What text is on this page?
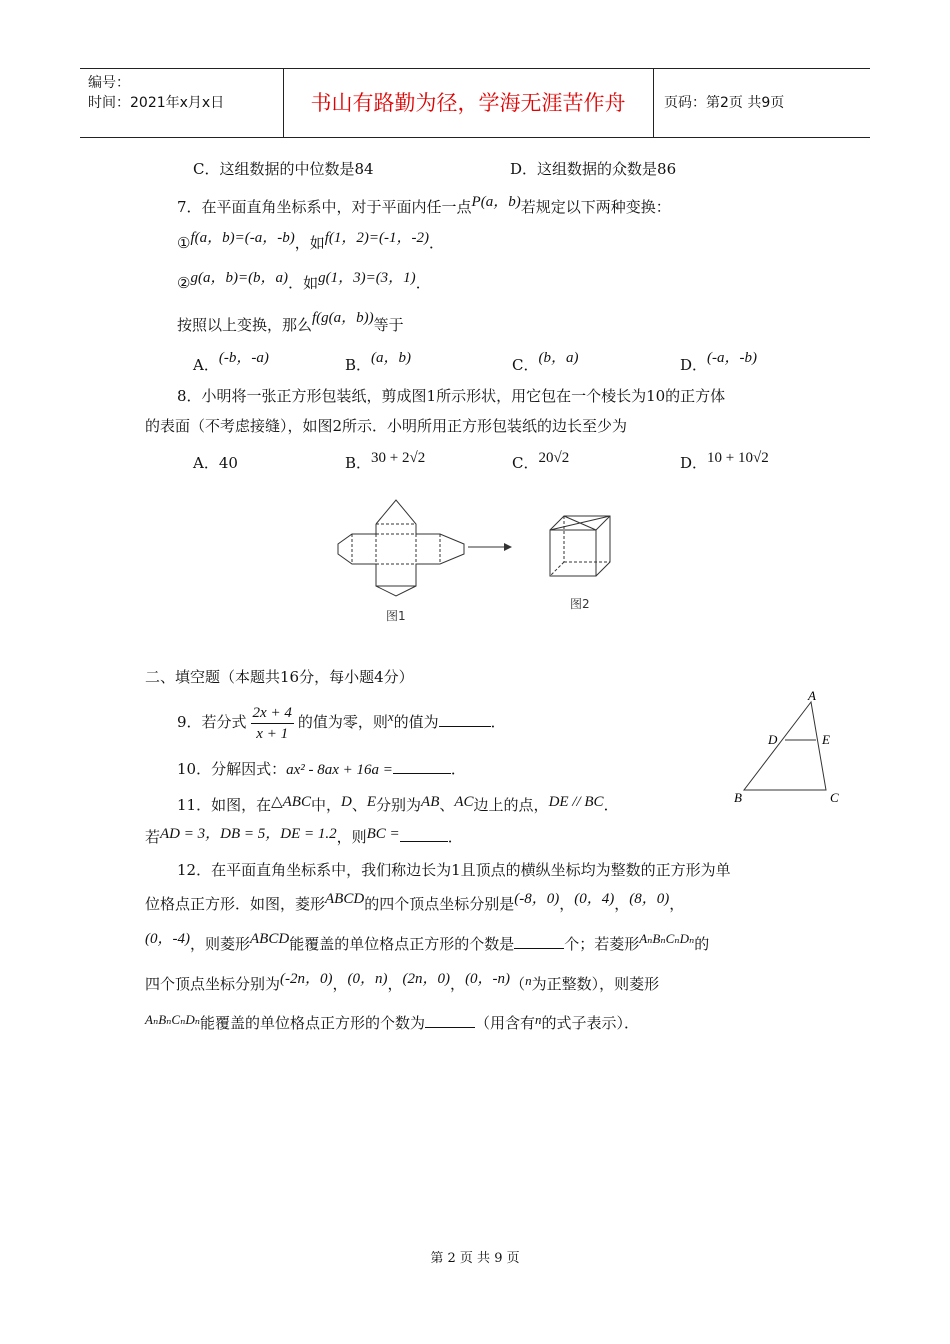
编号：
时间：2021年x月x日	书山有路勤为径，学海无涯苦作舟	页码：第2页 共9页
C．这组数据的中位数是84	D．这组数据的众数是86
7．在平面直角坐标系中，对于平面内任一点P(a，b)若规定以下两种变换：
①f(a，b)=(-a，-b)，如f(1，2)=(-1，-2)．
②g(a，b)=(b，a)．如g(1，3)=(3，1)．
按照以上变换，那么f(g(a，b))等于
A．(-b，-a)	B．(a，b)	C．(b，a)	D．(-a，-b)
8．小明将一张正方形包装纸，剪成图1所示形状，用它包在一个棱长为10的正方体
的表面（不考虑接缝），如图2所示．小明所用正方形包装纸的边长至少为
A．40	B．30 + 2√2	C．20√2	D．10 + 10√2
图1
图2
二、填空题（本题共16分，每小题4分）
A
D	E
B	C
9．若分式 $\frac{2x + 4}{x + 1}$ 的值为零，则x的值为	．
10．分解因式：ax² - 8ax + 16a =	．
11．如图，在△ABC中，D、E分别为AB、AC边上的点，DE // BC．
若AD = 3，DB = 5，DE = 1.2，则BC =	．
12．在平面直角坐标系中，我们称边长为1且顶点的横纵坐标均为整数的正方形为单
位格点正方形．如图，菱形ABCD的四个顶点坐标分别是(-8，0)，(0，4)，(8，0)，
(0，-4)，则菱形ABCD能覆盖的单位格点正方形的个数是	个；若菱形AₙBₙCₙDₙ的
四个顶点坐标分别为(-2n，0)，(0，n)，(2n，0)，(0，-n)（n为正整数），则菱形
AₙBₙCₙDₙ能覆盖的单位格点正方形的个数为	（用含有n的式子表示）．
第 2 页 共 9 页
